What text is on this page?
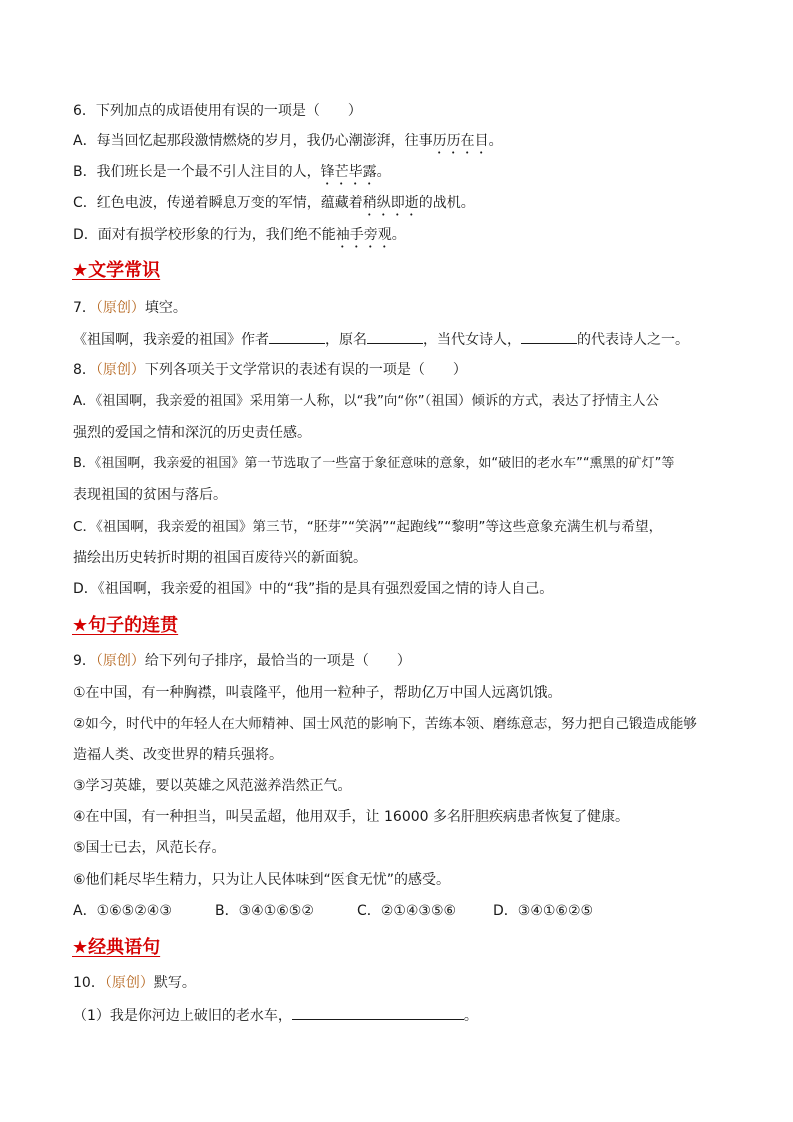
6．下列加点的成语使用有误的一项是（　　）
A．每当回忆起那段激情燃烧的岁月，我仍心潮澎湃，往事历历在目。
B．我们班长是一个最不引人注目的人，锋芒毕露。
C．红色电波，传递着瞬息万变的军情，蕴藏着稍纵即逝的战机。
D．面对有损学校形象的行为，我们绝不能袖手旁观。
★文学常识
7．（原创）填空。
《祖国啊，我亲爱的祖国》作者	，原名	，当代女诗人，	的代表诗人之一。
8．（原创）下列各项关于文学常识的表述有误的一项是（　　）
A．《祖国啊，我亲爱的祖国》采用第一人称，以“我”向“你”（祖国）倾诉的方式，表达了抒情主人公
强烈的爱国之情和深沉的历史责任感。
B．《祖国啊，我亲爱的祖国》第一节选取了一些富于象征意味的意象，如“破旧的老水车”“熏黑的矿灯”等
表现祖国的贫困与落后。
C．《祖国啊，我亲爱的祖国》第三节，“胚芽”“笑涡”“起跑线”“黎明”等这些意象充满生机与希望，
描绘出历史转折时期的祖国百废待兴的新面貌。
D．《祖国啊，我亲爱的祖国》中的“我”指的是具有强烈爱国之情的诗人自己。
★句子的连贯
9．（原创）给下列句子排序，最恰当的一项是（　　）
①在中国，有一种胸襟，叫袁隆平，他用一粒种子，帮助亿万中国人远离饥饿。
②如今，时代中的年轻人在大师精神、国士风范的影响下，苦练本领、磨练意志，努力把自己锻造成能够
造福人类、改变世界的精兵强将。
③学习英雄，要以英雄之风范滋养浩然正气。
④在中国，有一种担当，叫吴孟超，他用双手，让 16000 多名肝胆疾病患者恢复了健康。
⑤国士已去，风范长存。
⑥他们耗尽毕生精力，只为让人民体味到“医食无忧”的感受。
A．①⑥⑤②④③	B．③④①⑥⑤②	C．②①④③⑤⑥	D．③④①⑥②⑤
★经典语句
10．（原创）默写。
（1）我是你河边上破旧的老水车，	。
